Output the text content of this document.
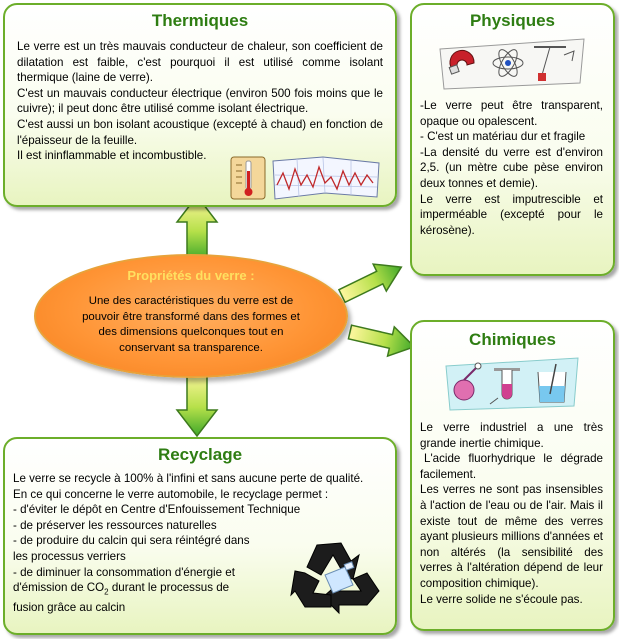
Thermiques

Le verre est un très mauvais conducteur de chaleur, son coefficient de dilatation est faible, c'est pourquoi il est utilisé comme isolant thermique (laine de verre).

C'est un mauvais conducteur électrique (environ 500 fois moins que le cuivre); il peut donc être utilisé comme isolant électrique.

C'est aussi un bon isolant acoustique (excepté à chaud) en fonction de l'épaisseur de la feuille.

Il est ininflammable et incombustible.

Physiques

-Le verre peut être transparent, opaque ou opalescent.

- C'est un matériau dur et fragile

-La densité du verre est d'environ 2,5. (un mètre cube pèse environ deux tonnes et demie).

Le verre est imputrescible et imperméable (excepté pour le kérosène).

Propriétés du verre :
Une des caractéristiques du verre est de pouvoir être transformé dans des formes et des dimensions quelconques tout en conservant sa transparence.	Chimiques

Le verre industriel a une très grande inertie chimique.

L'acide fluorhydrique le dégrade facilement.

Les verres ne sont pas insensibles à l'action de l'eau ou de l'air. Mais il existe tout de même des verres ayant plusieurs millions d'années et non altérés (la sensibilité des verres à l'altération dépend de leur composition chimique).

Le verre solide ne s'écoule pas.

Recyclage

Le verre se recycle à 100% à l'infini et sans aucune perte de qualité.

En ce qui concerne le verre automobile, le recyclage permet :

- d'éviter le dépôt en Centre d'Enfouissement Technique
- de préserver les ressources naturelles
- de produire du calcin qui sera réintégré dans
les processus verriers
- de diminuer la consommation d'énergie et
d'émission de $CO_2$ durant le processus de
fusion grâce au calcin
